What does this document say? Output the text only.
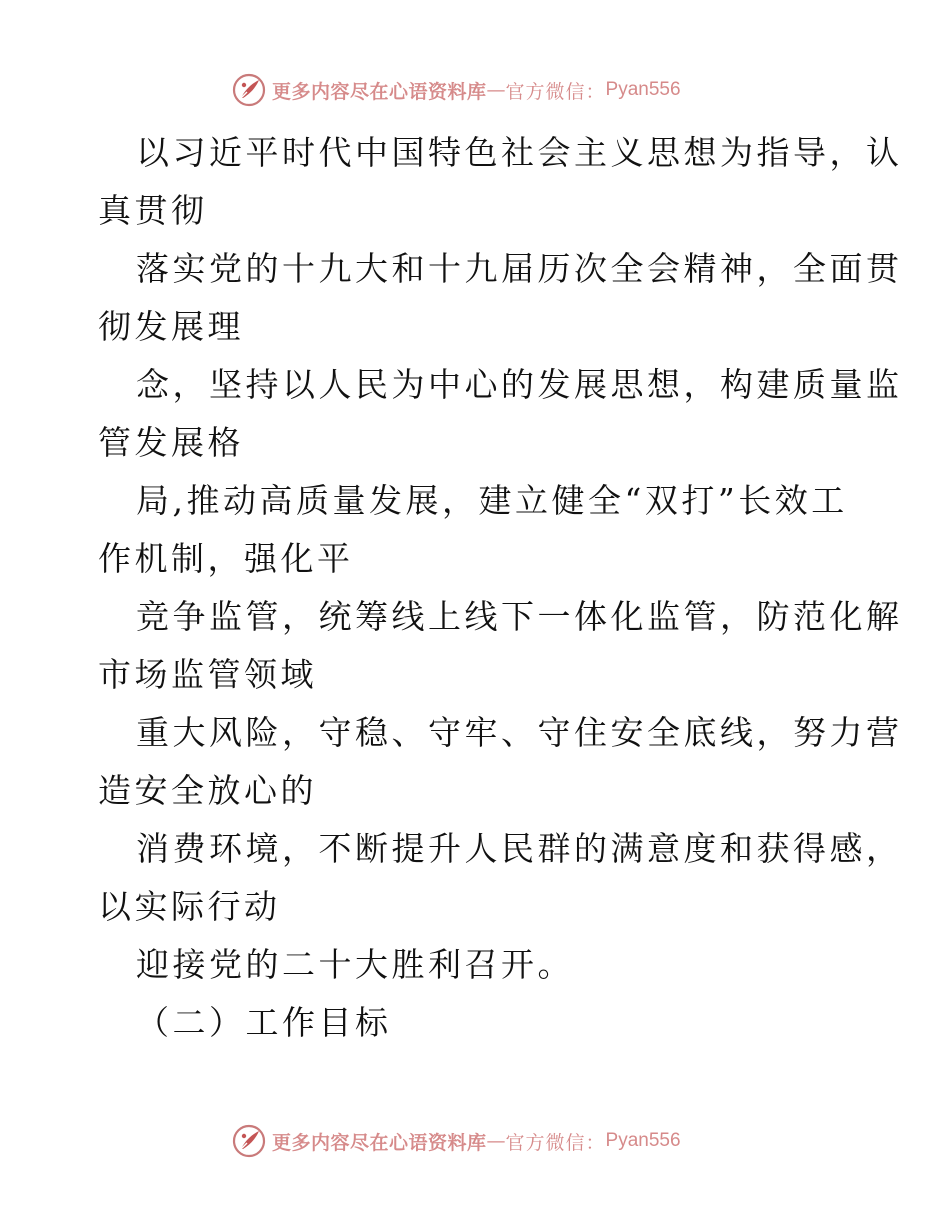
更多内容尽在心语资料库 — 官方微信： Pyan556
以习近平时代中国特色社会主义思想为指导，认
真贯彻
落实党的十九大和十九届历次全会精神，全面贯
彻发展理
念，坚持以人民为中心的发展思想，构建质量监
管发展格
局,推动高质量发展，建立健全“双打”长效工
作机制，强化平
竞争监管，统筹线上线下一体化监管，防范化解
市场监管领域
重大风险，守稳、守牢、守住安全底线，努力营
造安全放心的
消费环境，不断提升人民群的满意度和获得感，
以实际行动
迎接党的二十大胜利召开。
（二）工作目标
更多内容尽在心语资料库 — 官方微信： Pyan556
